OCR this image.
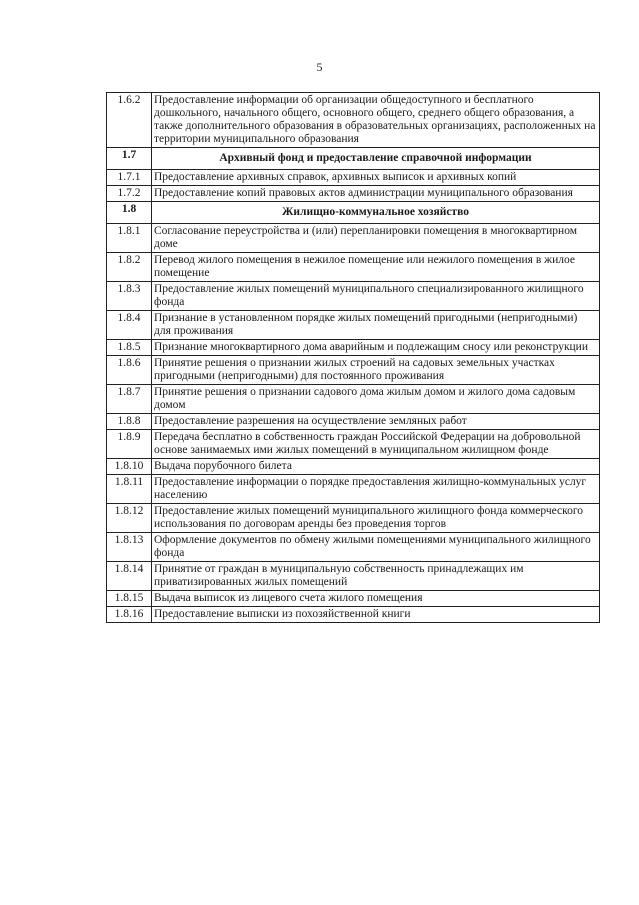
5
1.6.2	Предоставление информации об организации общедоступного и бесплатного дошкольного, начального общего, основного общего, среднего общего образования, а также дополнительного образования в образовательных организациях, расположенных на территории муниципального образования
1.7	Архивный фонд и предоставление справочной информации
1.7.1	Предоставление архивных справок, архивных выписок и архивных копий
1.7.2	Предоставление копий правовых актов администрации муниципального образования
1.8	Жилищно-коммунальное хозяйство
1.8.1	Согласование переустройства и (или) перепланировки помещения в многоквартирном доме
1.8.2	Перевод жилого помещения в нежилое помещение или нежилого помещения в жилое помещение
1.8.3	Предоставление жилых помещений муниципального специализированного жилищного фонда
1.8.4	Признание в установленном порядке жилых помещений пригодными (непригодными) для проживания
1.8.5	Признание многоквартирного дома аварийным и подлежащим сносу или реконструкции
1.8.6	Принятие решения о признании жилых строений на садовых земельных участках пригодными (непригодными) для постоянного проживания
1.8.7	Принятие решения о признании садового дома жилым домом и жилого дома садовым домом
1.8.8	Предоставление разрешения на осуществление земляных работ
1.8.9	Передача бесплатно в собственность граждан Российской Федерации на добровольной основе занимаемых ими жилых помещений в муниципальном жилищном фонде
1.8.10	Выдача порубочного билета
1.8.11	Предоставление информации о порядке предоставления жилищно-коммунальных услуг населению
1.8.12	Предоставление жилых помещений муниципального жилищного фонда коммерческого использования по договорам аренды без проведения торгов
1.8.13	Оформление документов по обмену жилыми помещениями муниципального жилищного фонда
1.8.14	Принятие от граждан в муниципальную собственность принадлежащих им приватизированных жилых помещений
1.8.15	Выдача выписок из лицевого счета жилого помещения
1.8.16	Предоставление выписки из похозяйственной книги
